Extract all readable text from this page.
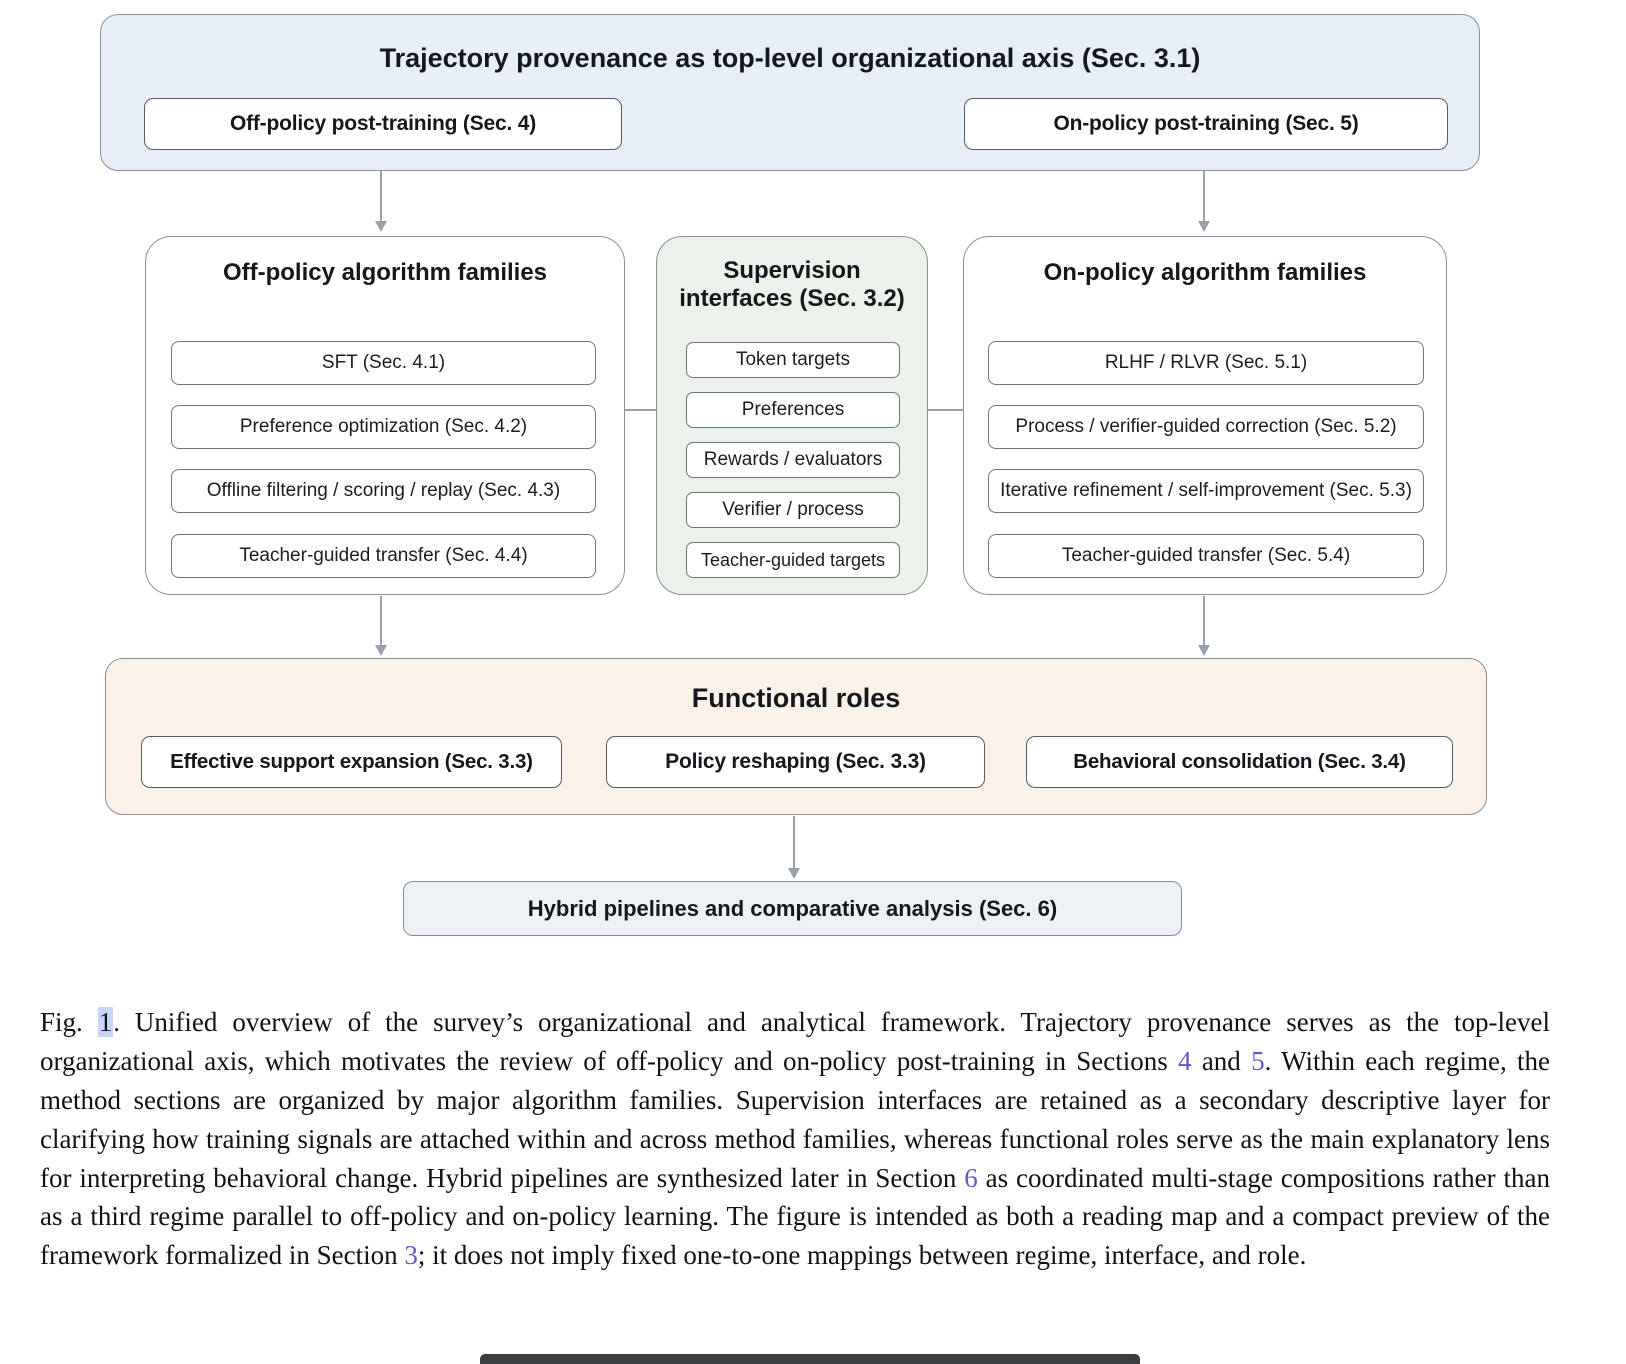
Trajectory provenance as top-level organizational axis (Sec. 3.1)
Off-policy post-training (Sec. 4)	On-policy post-training (Sec. 5)
Off-policy algorithm families
SFT (Sec. 4.1)
Preference optimization (Sec. 4.2)
Offline filtering / scoring / replay (Sec. 4.3)
Teacher-guided transfer (Sec. 4.4)
Supervision
interfaces (Sec. 3.2)
Token targets
Preferences
Rewards / evaluators
Verifier / process
Teacher-guided targets
On-policy algorithm families
RLHF / RLVR (Sec. 5.1)
Process / verifier-guided correction (Sec. 5.2)
Iterative refinement / self-improvement (Sec. 5.3)
Teacher-guided transfer (Sec. 5.4)
Functional roles
Effective support expansion (Sec. 3.3)	Policy reshaping (Sec. 3.3)	Behavioral consolidation (Sec. 3.4)
Hybrid pipelines and comparative analysis (Sec. 6)

Fig. 1. Unified overview of the survey’s organizational and analytical framework. Trajectory provenance serves as the top-level organizational axis, which motivates the review of off-policy and on-policy post-training in Sections 4 and 5. Within each regime, the method sections are organized by major algorithm families. Supervision interfaces are retained as a secondary descriptive layer for clarifying how training signals are attached within and across method families, whereas functional roles serve as the main explanatory lens for interpreting behavioral change. Hybrid pipelines are synthesized later in Section 6 as coordinated multi-stage compositions rather than as a third regime parallel to off-policy and on-policy learning. The figure is intended as both a reading map and a compact preview of the framework formalized in Section 3; it does not imply fixed one-to-one mappings between regime, interface, and role.
